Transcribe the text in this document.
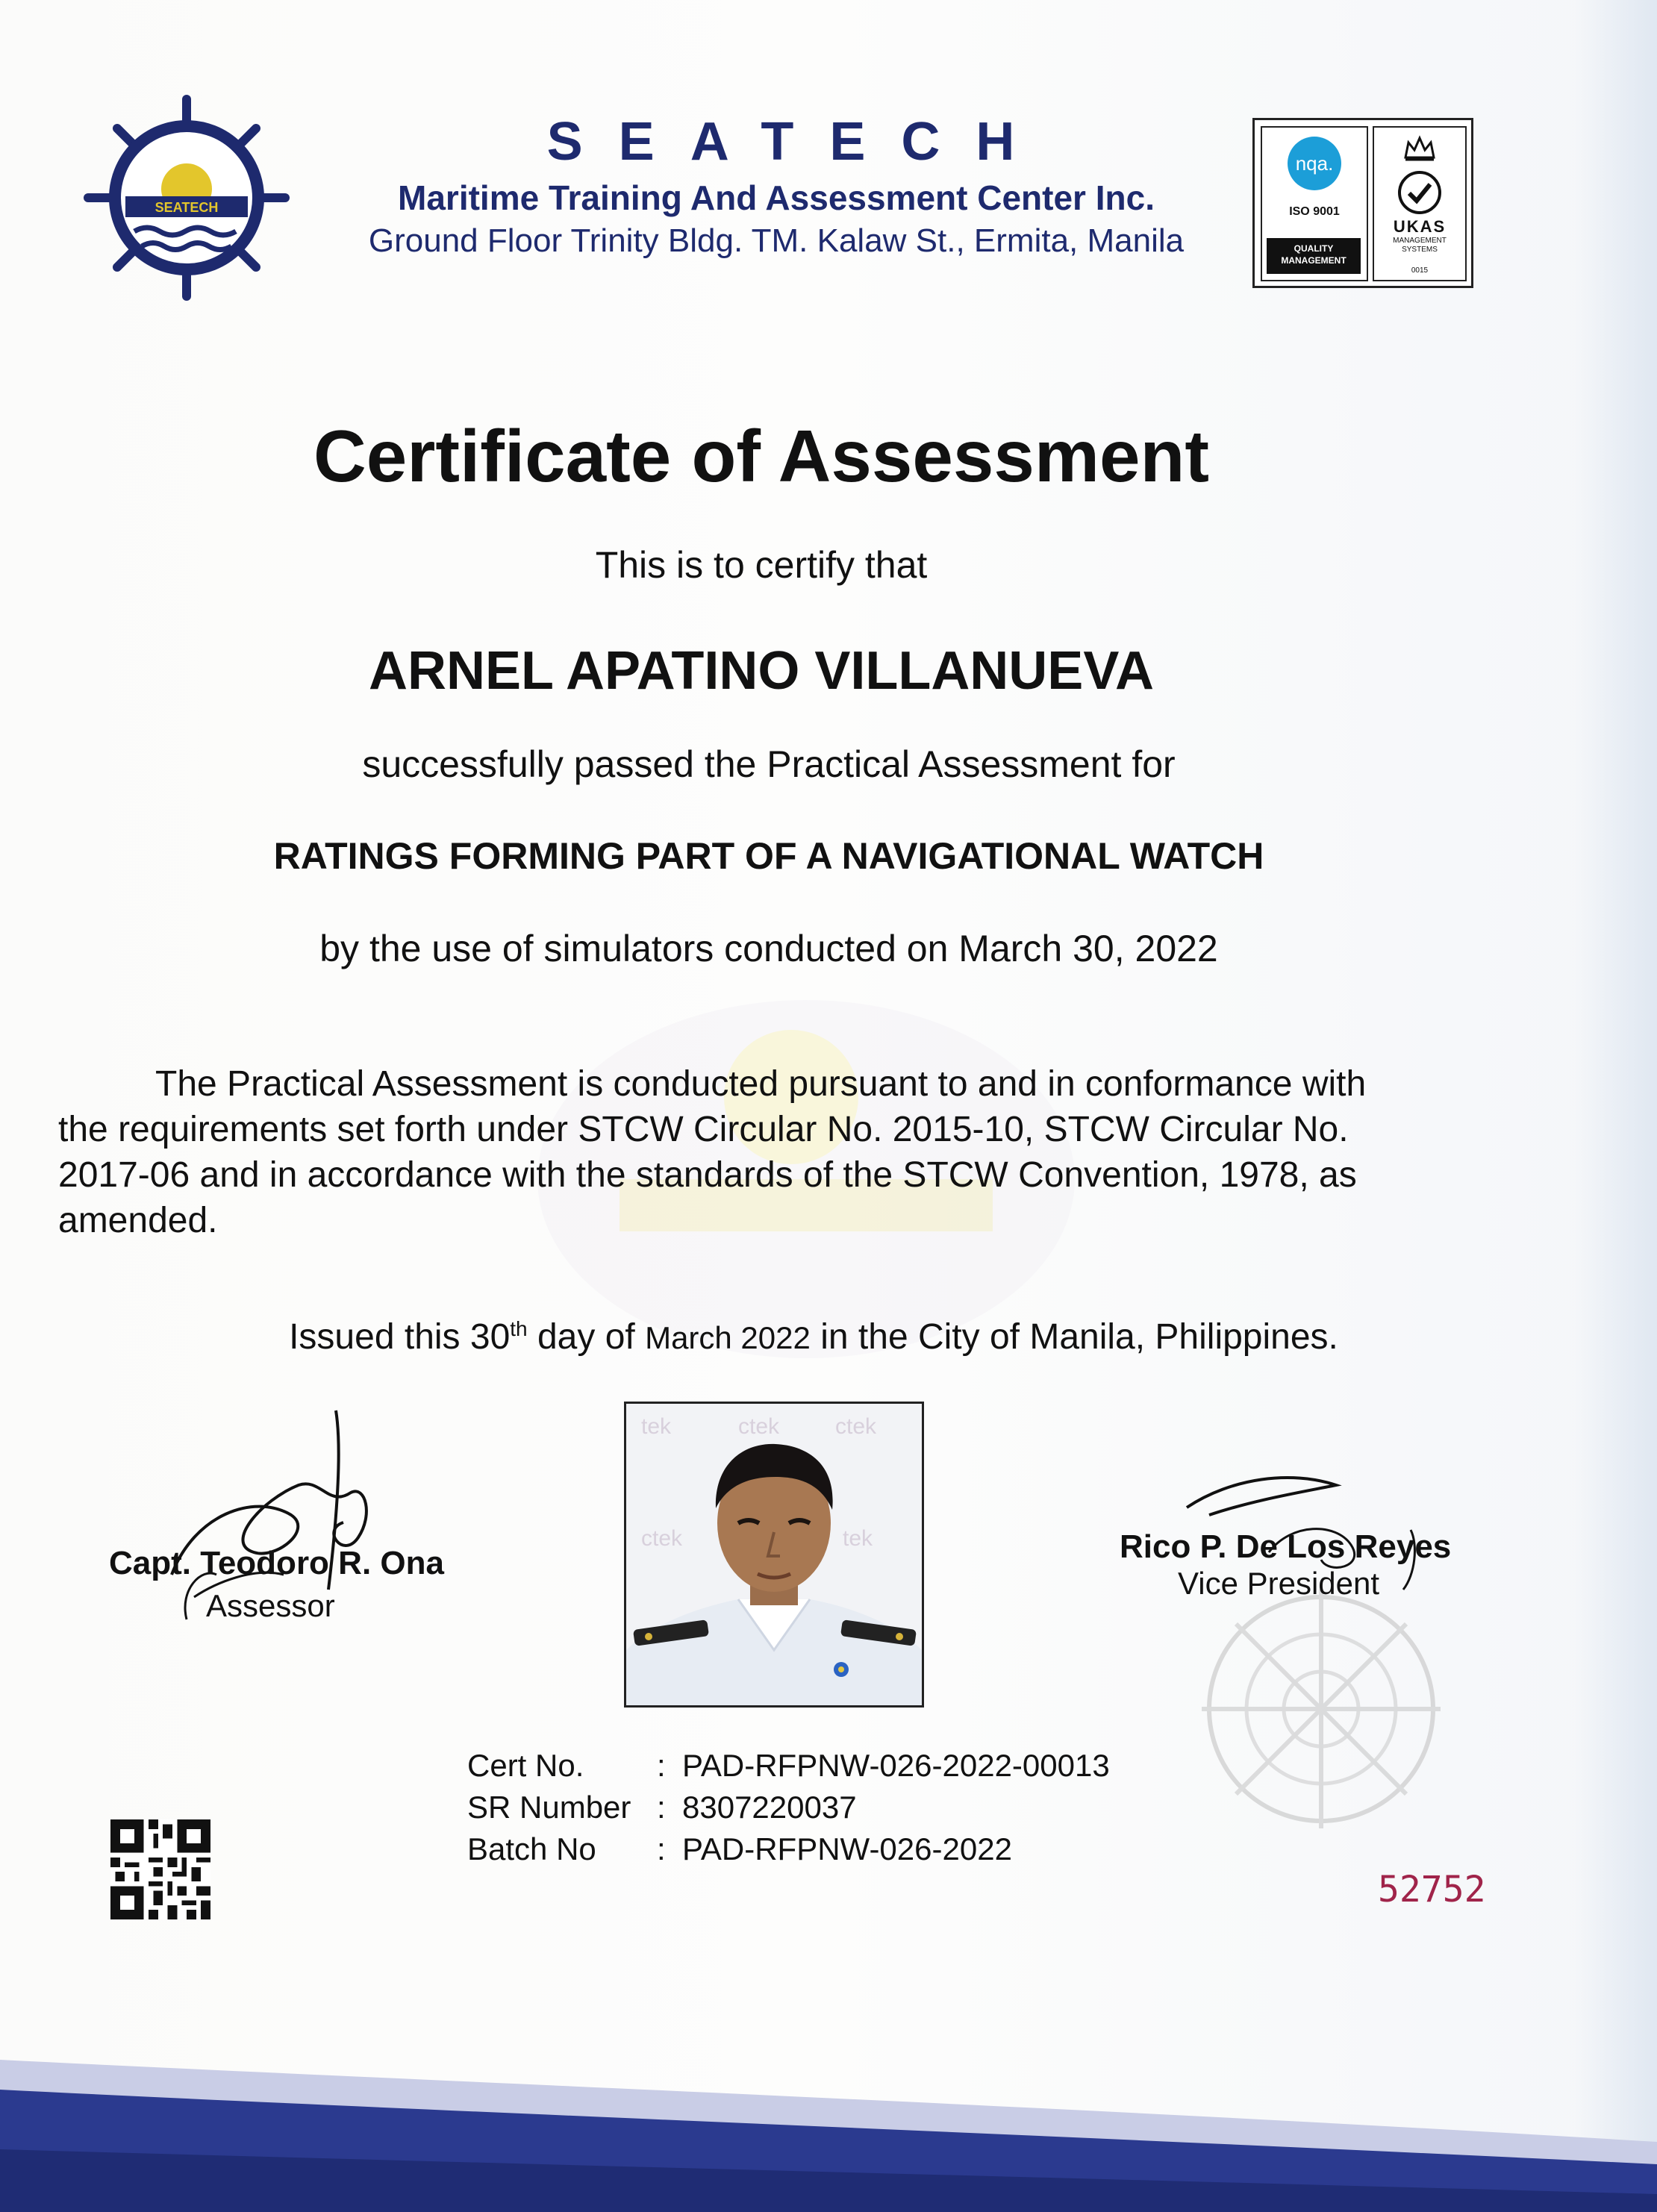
SEATECH
SEATECH
Maritime Training And Assessment Center Inc.
Ground Floor Trinity Bldg. TM. Kalaw St., Ermita, Manila
nqa.
ISO 9001
QUALITY
MANAGEMENT
UKAS
MANAGEMENT
SYSTEMS
0015
Certificate of Assessment
This is to certify that
ARNEL APATINO VILLANUEVA
successfully passed the Practical Assessment for
RATINGS FORMING PART OF A NAVIGATIONAL WATCH
by the use of simulators conducted on March 30, 2022
The Practical Assessment is conducted pursuant to and in conformance with
the requirements set forth under STCW Circular No. 2015-10, STCW Circular No.
2017-06 and in accordance with the standards of the STCW Convention, 1978, as
amended.
Issued this 30th day of March 2022 in the City of Manila, Philippines.
Capt. Teodoro R. Ona
Assessor
tek	ctek ctek
ctek	tek	Rico P. De Los Reyes
Vice President
Cert No.	: PAD-RFPNW-026-2022-00013
SR Number : 8307220037
Batch No	: PAD-RFPNW-026-2022
52752
